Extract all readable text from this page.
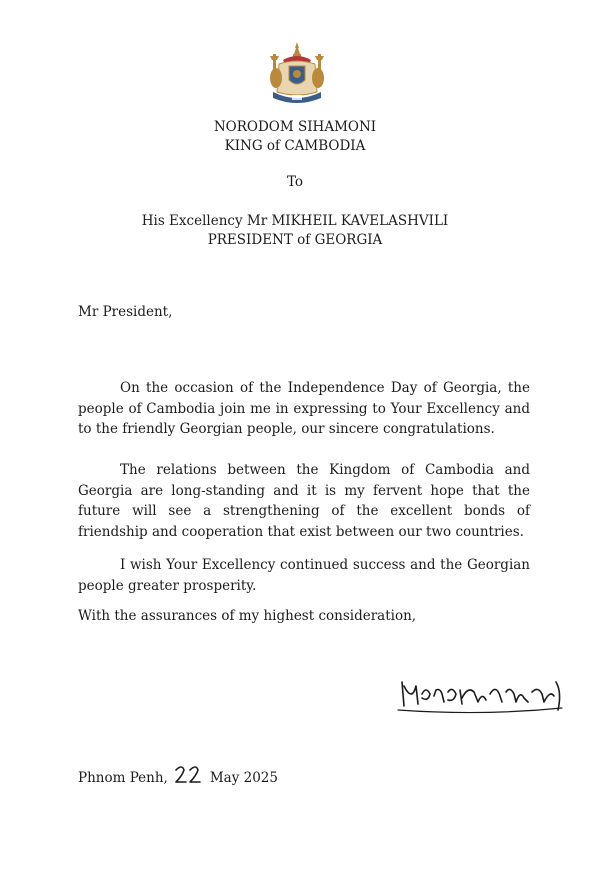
NORODOM SIHAMONI
KING of CAMBODIA
To
His Excellency Mr MIKHEIL KAVELASHVILI
PRESIDENT of GEORGIA
Mr President,

On the occasion of the Independence Day of Georgia, the people of Cambodia join me in expressing to Your Excellency and to the friendly Georgian people, our sincere congratulations.

The relations between the Kingdom of Cambodia and Georgia are long-standing and it is my fervent hope that the future will see a strengthening of the excellent bonds of friendship and cooperation that exist between our two countries.

I wish Your Excellency continued success and the Georgian people greater prosperity.

With the assurances of my highest consideration,
Phnom Penh,	May 2025
